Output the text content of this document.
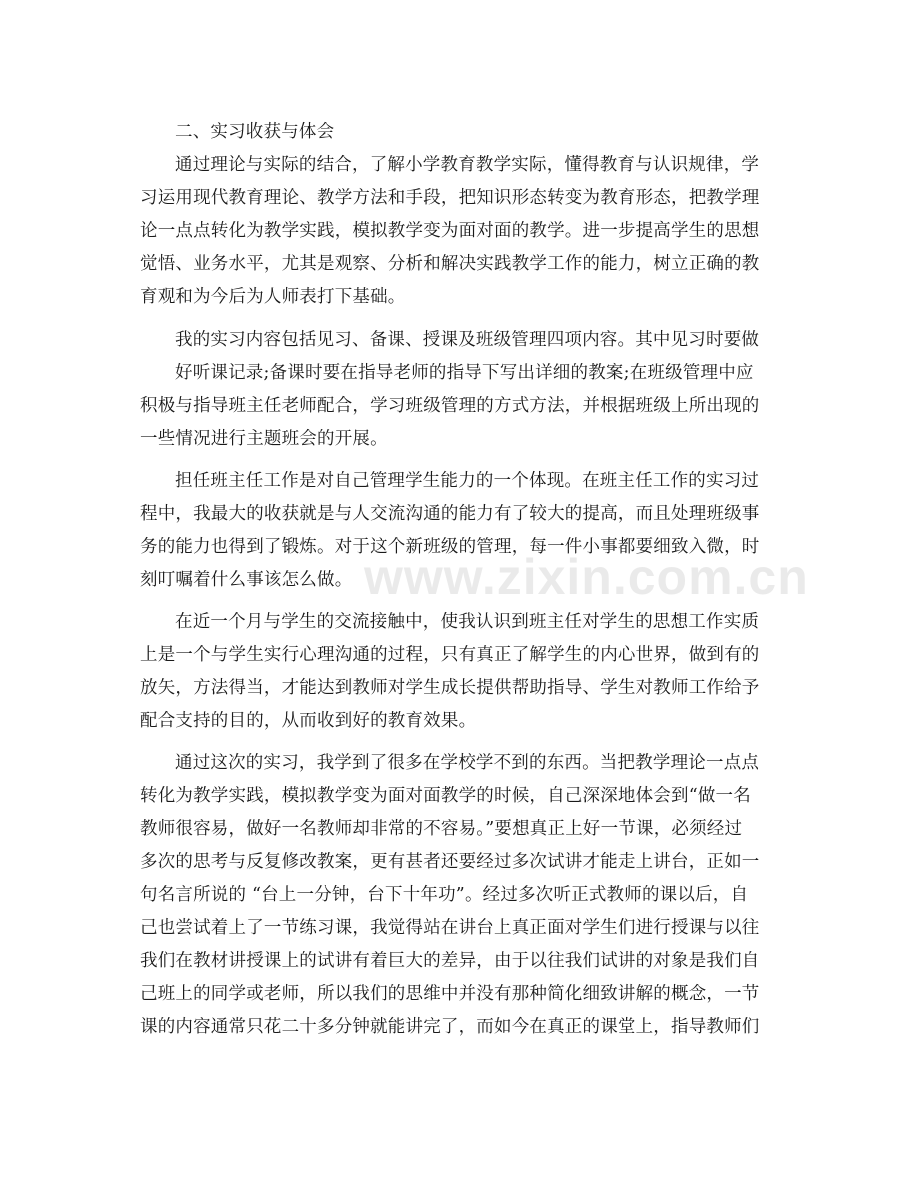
二、实习收获与体会
通过理论与实际的结合，了解小学教育教学实际，懂得教育与认识规律，学
习运用现代教育理论、教学方法和手段，把知识形态转变为教育形态，把教学理
论一点点转化为教学实践，模拟教学变为面对面的教学。进一步提高学生的思想
觉悟、业务水平，尤其是观察、分析和解决实践教学工作的能力，树立正确的教
育观和为今后为人师表打下基础。
我的实习内容包括见习、备课、授课及班级管理四项内容。其中见习时要做
好听课记录;备课时要在指导老师的指导下写出详细的教案;在班级管理中应
积极与指导班主任老师配合，学习班级管理的方式方法，并根据班级上所出现的
一些情况进行主题班会的开展。
担任班主任工作是对自己管理学生能力的一个体现。在班主任工作的实习过
程中，我最大的收获就是与人交流沟通的能力有了较大的提高，而且处理班级事
务的能力也得到了锻炼。对于这个新班级的管理，每一件小事都要细致入微，时
刻叮嘱着什么事该怎么做。
在近一个月与学生的交流接触中，使我认识到班主任对学生的思想工作实质
上是一个与学生实行心理沟通的过程，只有真正了解学生的内心世界，做到有的
放矢，方法得当，才能达到教师对学生成长提供帮助指导、学生对教师工作给予
配合支持的目的，从而收到好的教育效果。
通过这次的实习，我学到了很多在学校学不到的东西。当把教学理论一点点
转化为教学实践，模拟教学变为面对面教学的时候，自己深深地体会到“做一名
教师很容易，做好一名教师却非常的不容易。”要想真正上好一节课，必须经过
多次的思考与反复修改教案，更有甚者还要经过多次试讲才能走上讲台，正如一
句名言所说的 “台上一分钟，台下十年功”。经过多次听正式教师的课以后，自
己也尝试着上了一节练习课，我觉得站在讲台上真正面对学生们进行授课与以往
我们在教材讲授课上的试讲有着巨大的差异，由于以往我们试讲的对象是我们自
己班上的同学或老师，所以我们的思维中并没有那种简化细致讲解的概念，一节
课的内容通常只花二十多分钟就能讲完了，而如今在真正的课堂上，指导教师们
www.zixin.com.cn
